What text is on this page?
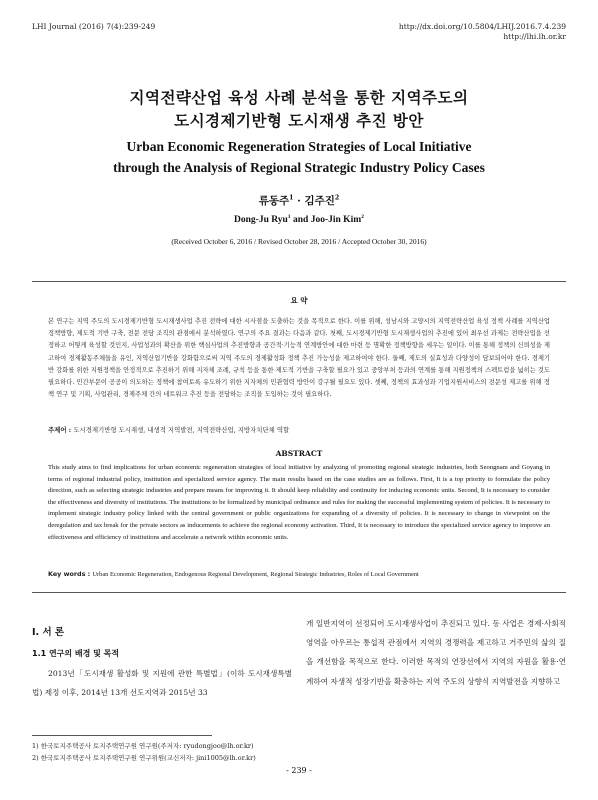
LHI Journal (2016) 7(4):239-249	http://dx.doi.org/10.5804/LHIJ.2016.7.4.239
http://lhi.lh.or.kr
지역전략산업 육성 사례 분석을 통한 지역주도의
도시경제기반형 도시재생 추진 방안
Urban Economic Regeneration Strategies of Local Initiative
through the Analysis of Regional Strategic Industry Policy Cases
류동주$^1$ · 김주진$^2$
Dong-Ju Ryu$^1$ and Joo-Jin Kim$^2$
(Received October 6, 2016 / Revised October 28, 2016 / Accepted October 30, 2016)
요 약
본 연구는 지역 주도의 도시경제기반형 도시재생사업 추진 전략에 대한 시사점을 도출하는 것을 목적으로 한다. 이를 위해, 성남시와 고양시의 지역전략산업 육성 정책 사례를 지역산업 정책방향, 제도적 기반 구축, 전문 전담 조직의 관점에서 분석하였다. 연구의 주요 결과는 다음과 같다. 첫째, 도시경제기반형 도시재생사업의 추진에 있어 최우선 과제는 전략산업을 선정하고 어떻게 육성할 것인지, 사업성과의 확산을 위한 핵심사업의 추진방향과 공간적·기능적 연계방안에 대한 마련 등 명확한 정책방향을 세우는 일이다. 이를 통해 정책의 신뢰성을 제고하여 경제활동주체들을 유인, 지역산업기반을 강화함으로써 지역 주도의 경제활성화 정책 추진 가능성을 제고하여야 한다. 둘째, 제도의 실효성과 다양성이 담보되어야 한다. 경제기반 강화를 위한 지원정책을 안정적으로 추진하기 위해 지자체 조례, 규칙 등을 통한 제도적 기반을 구축할 필요가 있고 중앙부처 등과의 연계를 통해 지원정책의 스펙트럼을 넓히는 것도 필요하다. 민간부문이 공공이 의도하는 정책에 참여토록 유도하기 위한 지자체의 민관협력 방안이 강구될 필요도 있다. 셋째, 정책의 효과성과 기업지원서비스의 전문성 제고를 위해 정책 연구 및 기획, 사업관리, 경제주체 간의 네트워크 추진 등을 전담하는 조직을 도입하는 것이 필요하다.
주제어 : 도시경제기반형 도시재생, 내생적 지역발전, 지역전략산업, 지방자치단체 역할
ABSTRACT
This study aims to find implications for urban economic regeneration strategies of local initiative by analyzing of promoting regional strategic industries, both Seongnam and Goyang in terms of regional industrial policy, institution and specialized service agency. The main results based on the case studies are as follows. First, It is a top priority to formulate the policy direction, such as selecting strategic industries and prepare means for improving it. It should keep reliability and continuity for inducing economic units. Second, It is necessary to consider the effectiveness and diversity of institutions. The institutions to be formalized by municipal ordinance and rules for making the successful implementing system of policies. It is necessary to implement strategic industry policy linked with the central government or public organizations for expanding of a diversity of policies. It is necessary to change in viewpoint on the deregulation and tax break for the private sectors as inducements to achieve the regional economy activation. Third, It is necessary to introduce the specialized service agency to improve an effectiveness and efficiency of institutions and accelerate a network within economic units.
Key words : Urban Economic Regeneration, Endogenous Regional Development, Regional Strategic Industries, Roles of Local Government
Ⅰ. 서 론
1.1 연구의 배경 및 목적
2013년「도시재생 활성화 및 지원에 관한 특별법」(이하 도시재생특별법) 제정 이후, 2014년 13개 선도지역과 2015년 33
개 일반지역이 선정되어 도시재생사업이 추진되고 있다. 동 사업은 경제·사회적 영역을 아우르는 통섭적 관점에서 지역의 경쟁력을 제고하고 거주민의 삶의 질을 개선함을 목적으로 한다. 이러한 목적의 연장선에서 지역의 자원을 활용·연계하여 자생적 성장기반을 확충하는 지역 주도의 상향식 지역발전을 지향하고
1) 한국토지주택공사 토지주택연구원 연구원(주저자: ryudongjoo@lh.or.kr)
2) 한국토지주택공사 토지주택연구원 연구위원(교신저자: jini1005@lh.or.kr)
- 239 -
